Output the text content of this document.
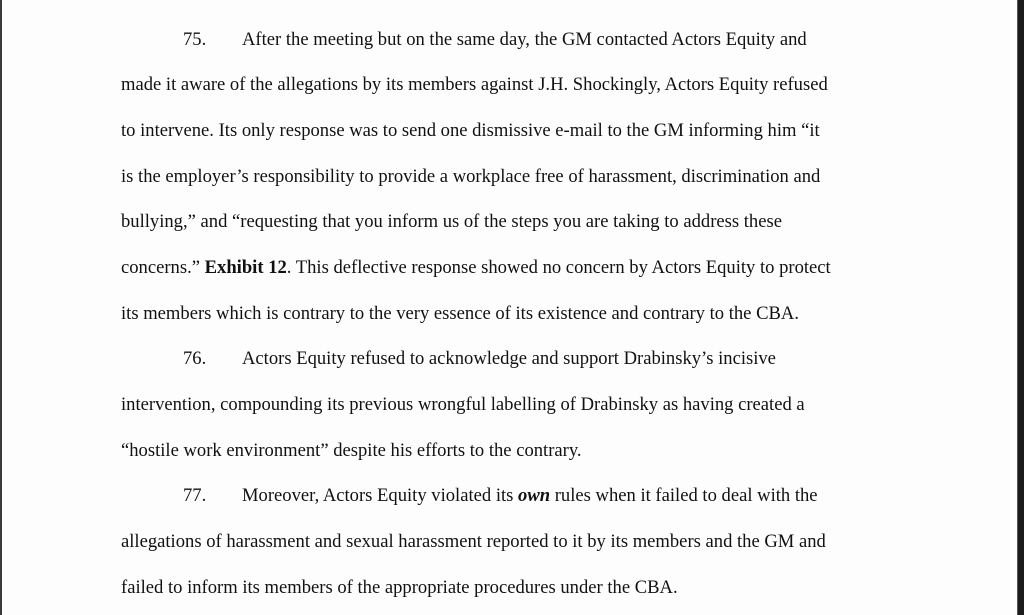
75. After the meeting but on the same day, the GM contacted Actors Equity and
made it aware of the allegations by its members against J.H. Shockingly, Actors Equity refused
to intervene. Its only response was to send one dismissive e-mail to the GM informing him “it
is the employer’s responsibility to provide a workplace free of harassment, discrimination and
bullying,” and “requesting that you inform us of the steps you are taking to address these
concerns.” Exhibit 12. This deflective response showed no concern by Actors Equity to protect
its members which is contrary to the very essence of its existence and contrary to the CBA.
76. Actors Equity refused to acknowledge and support Drabinsky’s incisive
intervention, compounding its previous wrongful labelling of Drabinsky as having created a
“hostile work environment” despite his efforts to the contrary.
77. Moreover, Actors Equity violated its own rules when it failed to deal with the
allegations of harassment and sexual harassment reported to it by its members and the GM and
failed to inform its members of the appropriate procedures under the CBA.
